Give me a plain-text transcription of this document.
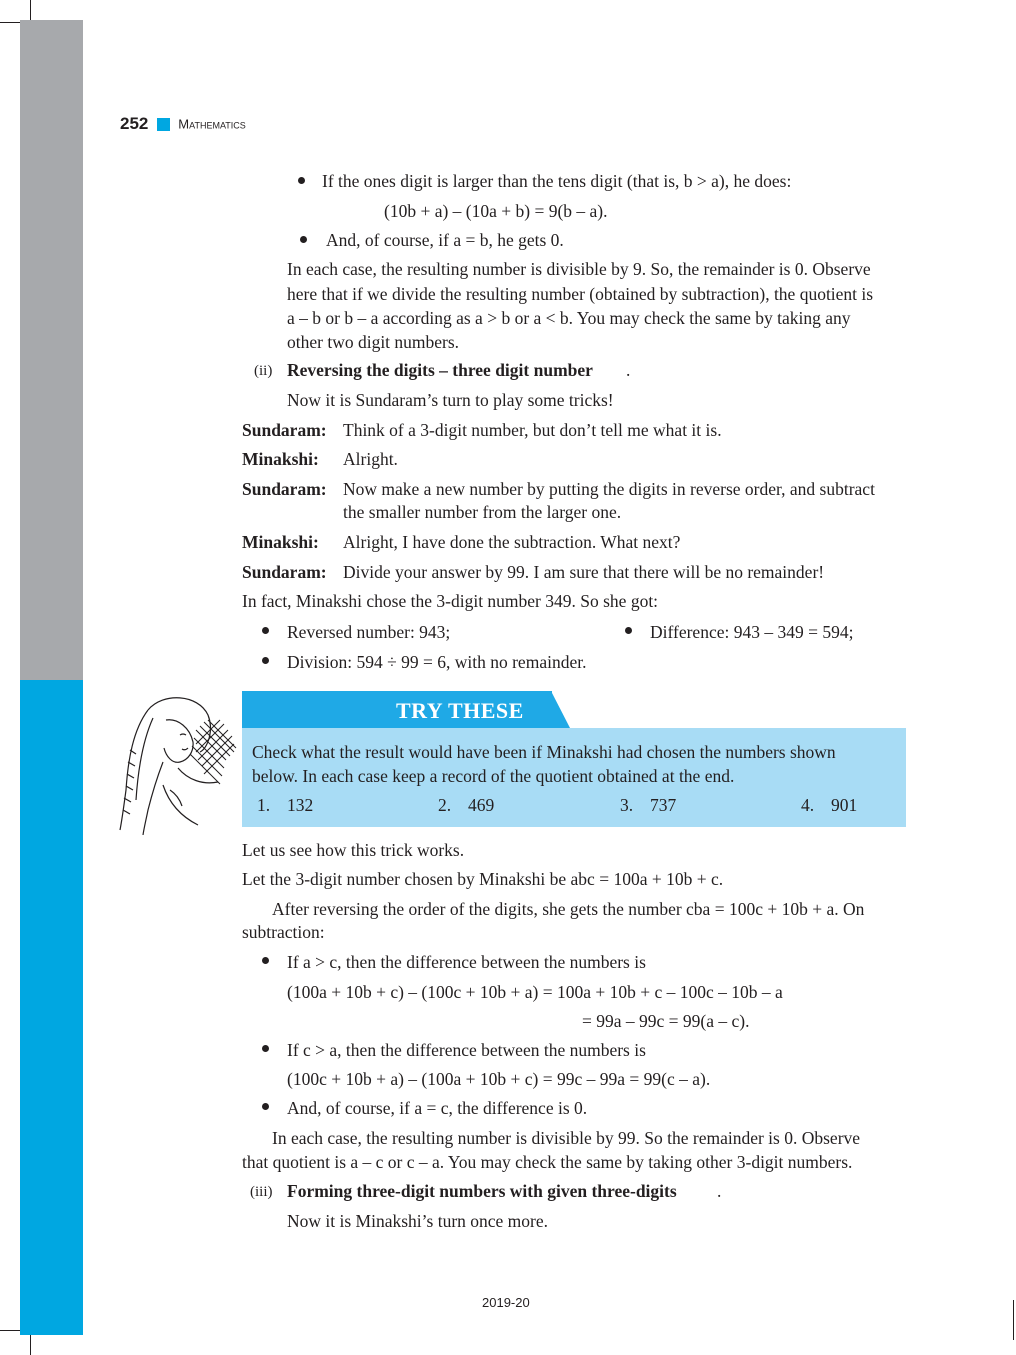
252 Mathematics
If the ones digit is larger than the tens digit (that is, b > a), he does:
(10b + a) – (10a + b) = 9(b – a).
And, of course, if a = b, he gets 0.
In each case, the resulting number is divisible by 9. So, the remainder is 0. Observe
here that if we divide the resulting number (obtained by subtraction), the quotient is
a – b or b – a according as a > b or a < b. You may check the same by taking any
other two digit numbers.
(ii) Reversing the digits – three digit number .
Now it is Sundaram’s turn to play some tricks!
Sundaram: Think of a 3-digit number, but don’t tell me what it is.
Minakshi: Alright.
Sundaram: Now make a new number by putting the digits in reverse order, and subtract
the smaller number from the larger one.
Minakshi: Alright, I have done the subtraction. What next?
Sundaram: Divide your answer by 99. I am sure that there will be no remainder!
In fact, Minakshi chose the 3-digit number 349. So she got:
Reversed number: 943;	Difference: 943 – 349 = 594;
Division: 594 ÷ 99 = 6, with no remainder.
TRY THESE
Check what the result would have been if Minakshi had chosen the numbers shown
below. In each case keep a record of the quotient obtained at the end.
1. 132	2. 469	3. 737	4. 901
Let us see how this trick works.
Let the 3-digit number chosen by Minakshi be abc = 100a + 10b + c.
After reversing the order of the digits, she gets the number cba = 100c + 10b + a. On
subtraction:
If a > c, then the difference between the numbers is
(100a + 10b + c) – (100c + 10b + a) = 100a + 10b + c – 100c – 10b – a
= 99a – 99c = 99(a – c).
If c > a, then the difference between the numbers is
(100c + 10b + a) – (100a + 10b + c) = 99c – 99a = 99(c – a).
And, of course, if a = c, the difference is 0.
In each case, the resulting number is divisible by 99. So the remainder is 0. Observe
that quotient is a – c or c – a. You may check the same by taking other 3-digit numbers.
(iii) Forming three-digit numbers with given three-digits .
Now it is Minakshi’s turn once more.
2019-20
